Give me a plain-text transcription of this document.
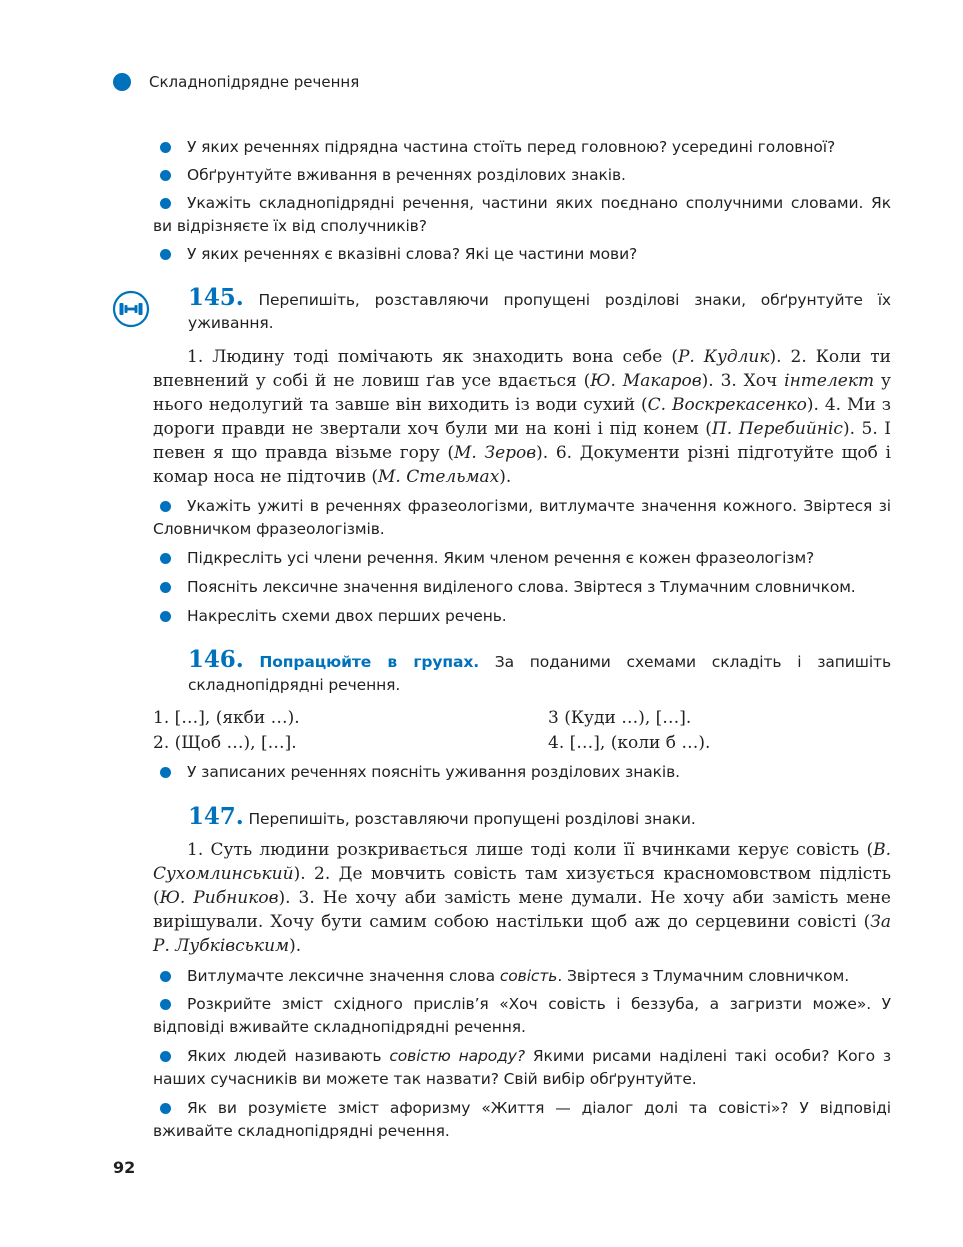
Складнопідрядне речення
У яких реченнях підрядна частина стоїть перед головною? усередині головної?
Обґрунтуйте вживання в реченнях розділових знаків.
Укажіть складнопідрядні речення, частини яких поєднано сполучними словами. Як ви відрізняєте їх від сполучників?
У яких реченнях є вказівні слова? Які це частини мови?
145. Перепишіть, розставляючи пропущені розділові знаки, обґрунтуйте їх уживання.
1. Людину тоді помічають як знаходить вона себе (Р. Кудлик). 2. Коли ти впевнений у собі й не ловиш ґав усе вдається (Ю. Макаров). 3. Хоч інтелект у нього недолугий та завше він виходить із води сухий (С. Воскрекасенко). 4. Ми з дороги правди не звертали хоч були ми на коні і під конем (П. Перебийніс). 5. І певен я що правда візьме гору (М. Зеров). 6. Документи різні підготуйте щоб і комар носа не підточив (М. Стельмах).
Укажіть ужиті в реченнях фразеологізми, витлумачте значення кожного. Звіртеся зі Словничком фразеологізмів.
Підкресліть усі члени речення. Яким членом речення є кожен фразеологізм?
Поясніть лексичне значення виділеного слова. Звіртеся з Тлумачним словничком.
Накресліть схеми двох перших речень.
146. Попрацюйте в групах. За поданими схемами складіть і запишіть складнопідрядні речення.
1. […], (якби …).
2. (Щоб …), […].
3 (Куди …), […].
4. […], (коли б …).
У записаних реченнях поясніть уживання розділових знаків.
147. Перепишіть, розставляючи пропущені розділові знаки.
1. Суть людини розкривається лише тоді коли її вчинками керує совість (В. Сухомлинський). 2. Де мовчить совість там хизується красномовством підлість (Ю. Рибников). 3. Не хочу аби замість мене думали. Не хочу аби замість мене вирішували. Хочу бути самим собою настільки щоб аж до серцевини совісті (За Р. Лубківським).
Витлумачте лексичне значення слова совість. Звіртеся з Тлумачним словничком.
Розкрийте зміст східного прислів’я «Хоч совість і беззуба, а загризти може». У відповіді вживайте складнопідрядні речення.
Яких людей називають совістю народу? Якими рисами наділені такі особи? Кого з наших сучасників ви можете так назвати? Свій вибір обґрунтуйте.
Як ви розумієте зміст афоризму «Життя — діалог долі та совісті»? У відповіді вживайте складнопідрядні речення.
92
